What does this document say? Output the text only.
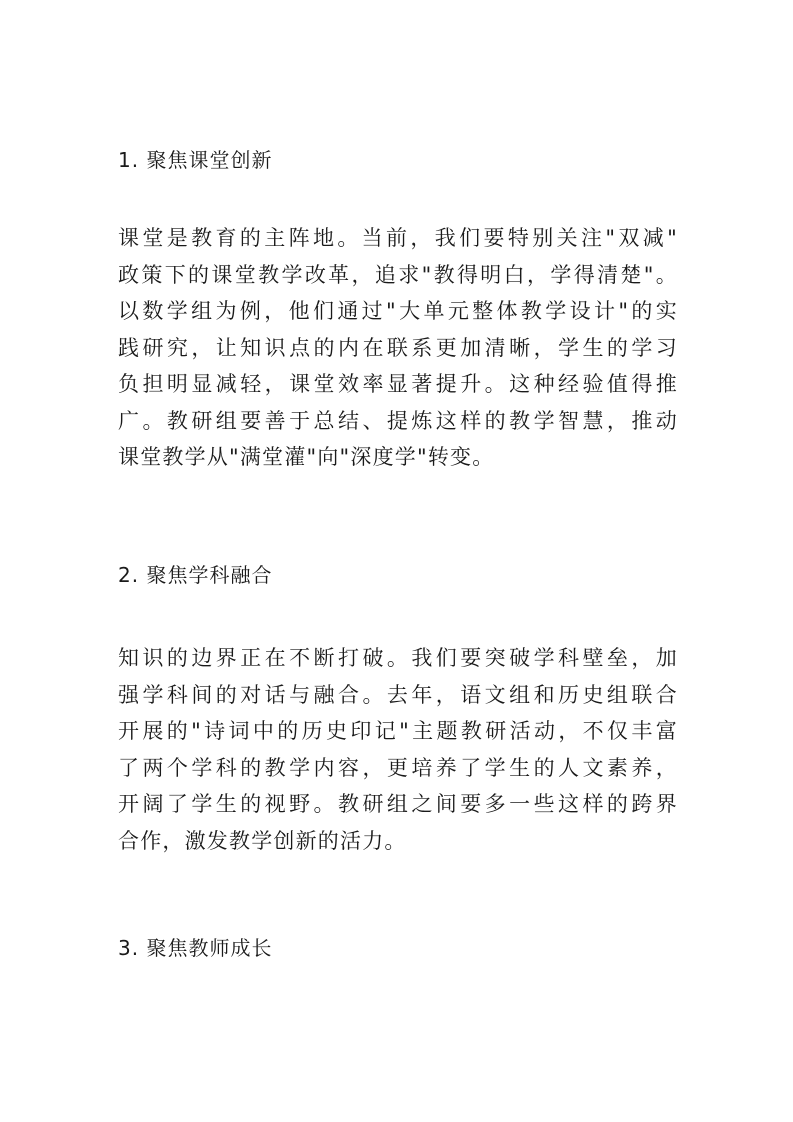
1. 聚焦课堂创新
课堂是教育的主阵地。当前，我们要特别关注"双减"
政策下的课堂教学改革，追求"教得明白，学得清楚"。
以数学组为例，他们通过"大单元整体教学设计"的实
践研究，让知识点的内在联系更加清晰，学生的学习
负担明显减轻，课堂效率显著提升。这种经验值得推
广。教研组要善于总结、提炼这样的教学智慧，推动
课堂教学从"满堂灌"向"深度学"转变。
2. 聚焦学科融合
知识的边界正在不断打破。我们要突破学科壁垒，加
强学科间的对话与融合。去年，语文组和历史组联合
开展的"诗词中的历史印记"主题教研活动，不仅丰富
了两个学科的教学内容，更培养了学生的人文素养，
开阔了学生的视野。教研组之间要多一些这样的跨界
合作，激发教学创新的活力。
3. 聚焦教师成长
